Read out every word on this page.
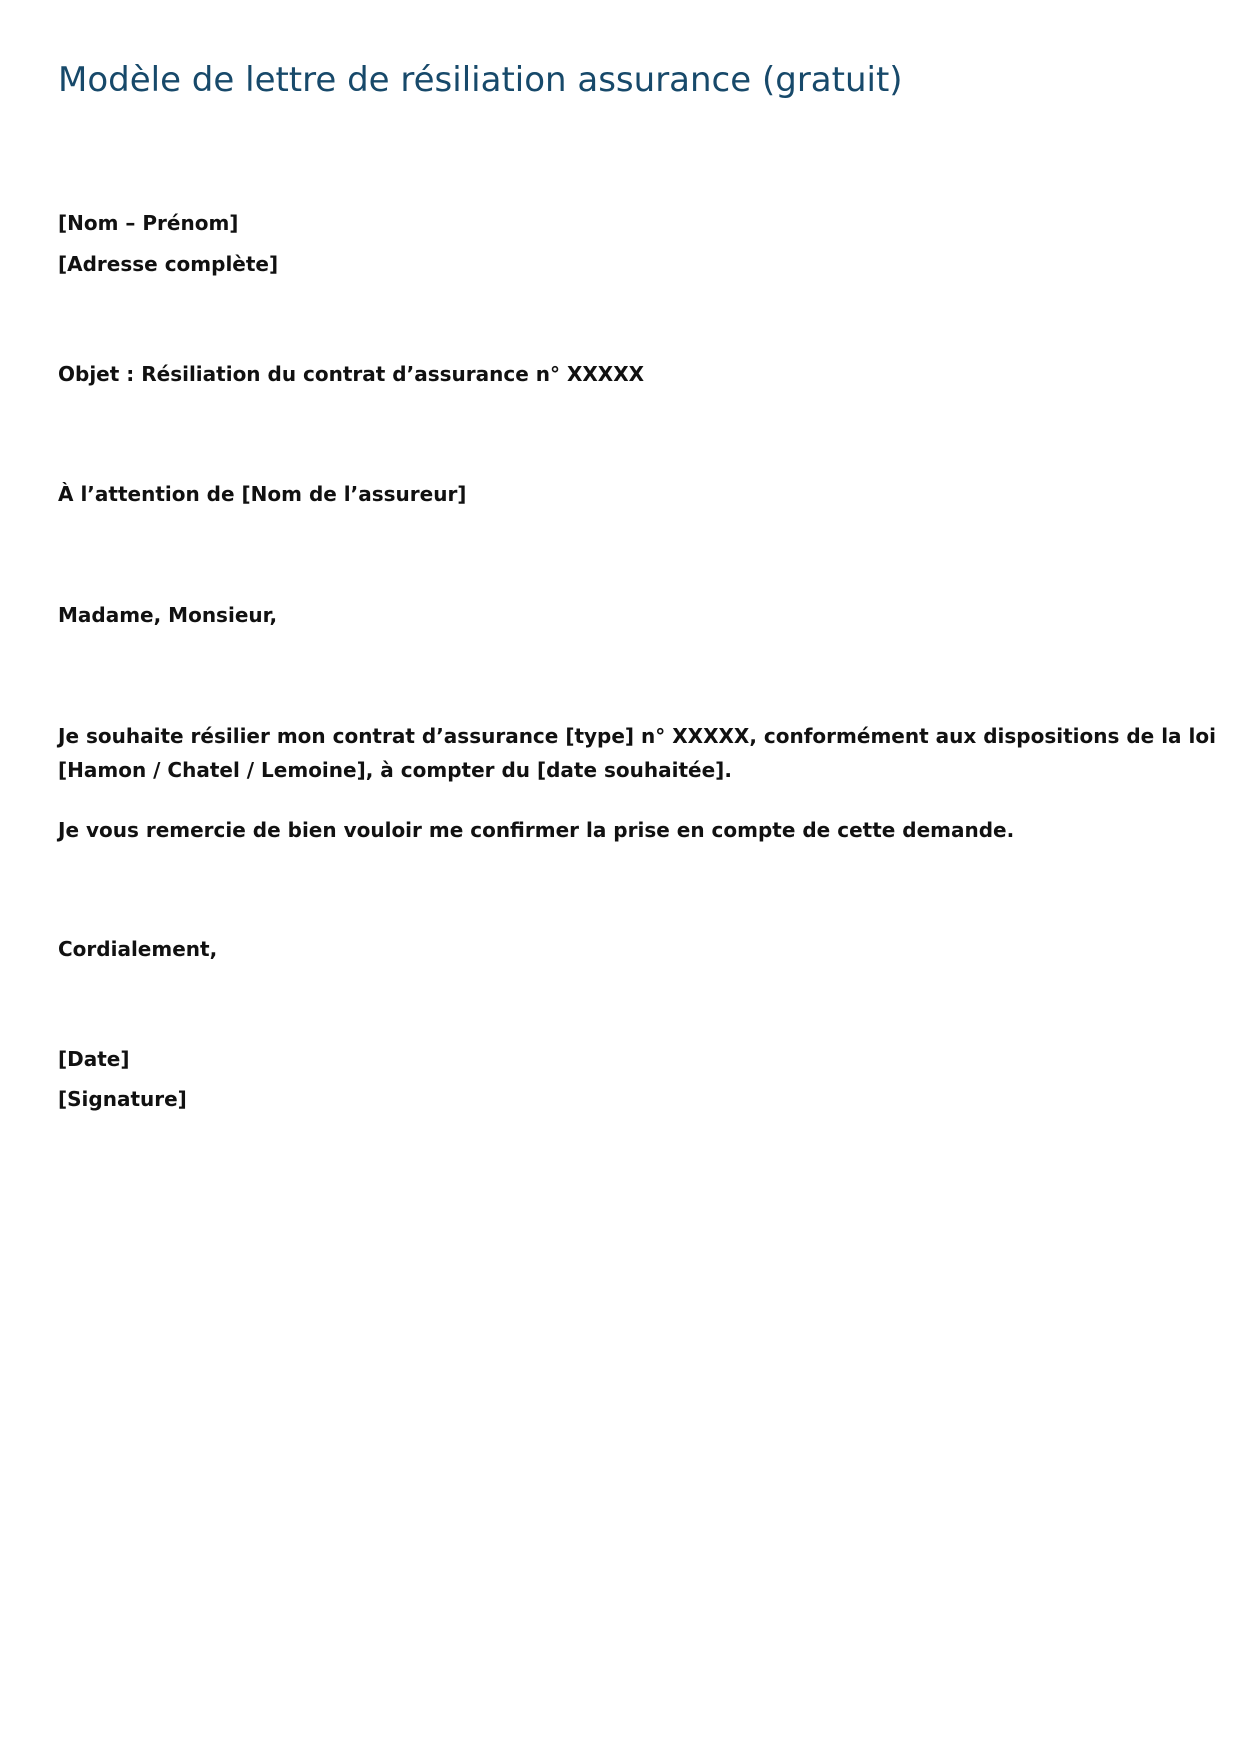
Modèle de lettre de résiliation assurance (gratuit)

[Nom – Prénom]

[Adresse complète]

Objet : Résiliation du contrat d’assurance n° XXXXX

À l’attention de [Nom de l’assureur]

Madame, Monsieur,

Je souhaite résilier mon contrat d’assurance [type] n° XXXXX, conformément aux dispositions de la loi
[Hamon / Chatel / Lemoine], à compter du [date souhaitée].

Je vous remercie de bien vouloir me confirmer la prise en compte de cette demande.

Cordialement,

[Date]

[Signature]
